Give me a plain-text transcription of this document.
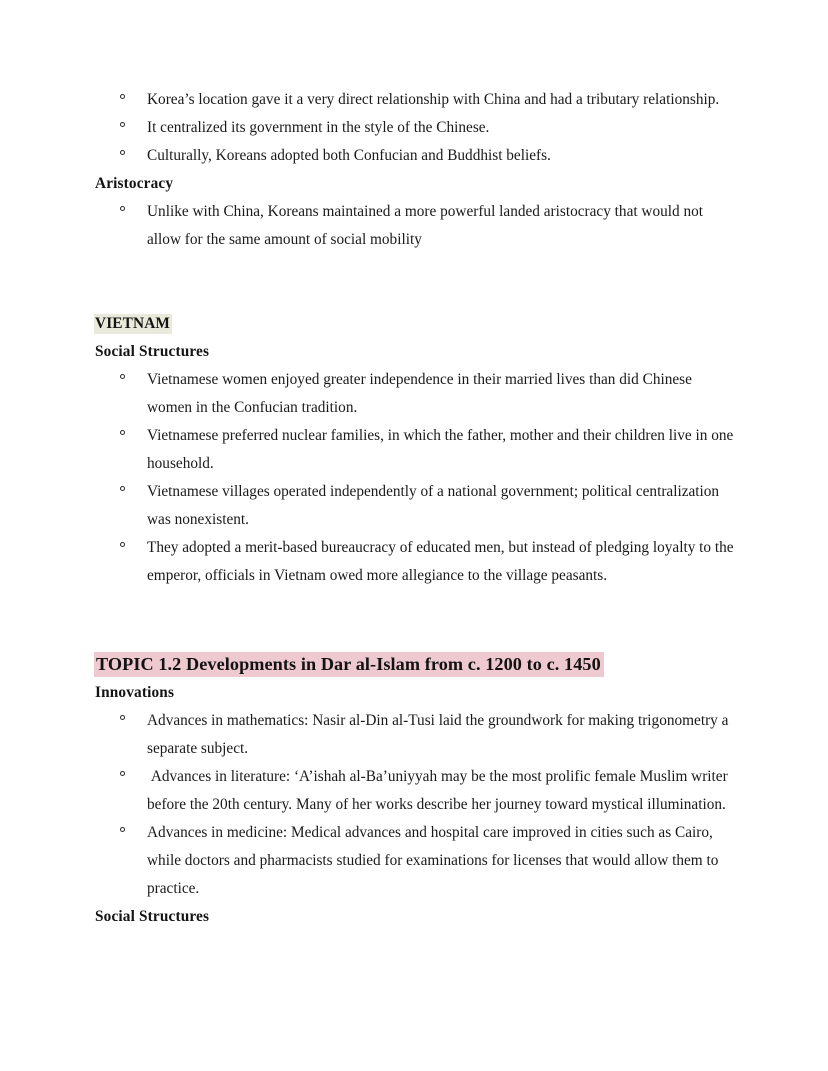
Korea’s location gave it a very direct relationship with China and had a tributary relationship.
It centralized its government in the style of the Chinese.
Culturally, Koreans adopted both Confucian and Buddhist beliefs.
Aristocracy
Unlike with China, Koreans maintained a more powerful landed aristocracy that would not allow for the same amount of social mobility
VIETNAM
Social Structures
Vietnamese women enjoyed greater independence in their married lives than did Chinese women in the Confucian tradition.
Vietnamese preferred nuclear families, in which the father, mother and their children live in one household.
Vietnamese villages operated independently of a national government; political centralization was nonexistent.
They adopted a merit-based bureaucracy of educated men, but instead of pledging loyalty to the emperor, officials in Vietnam owed more allegiance to the village peasants.
TOPIC 1.2 Developments in Dar al-Islam from c. 1200 to c. 1450
Innovations
Advances in mathematics: Nasir al-Din al-Tusi laid the groundwork for making trigonometry a separate subject.
Advances in literature: ‘A’ishah al-Ba’uniyyah may be the most prolific female Muslim writer before the 20th century. Many of her works describe her journey toward mystical illumination.
Advances in medicine: Medical advances and hospital care improved in cities such as Cairo, while doctors and pharmacists studied for examinations for licenses that would allow them to practice.
Social Structures
